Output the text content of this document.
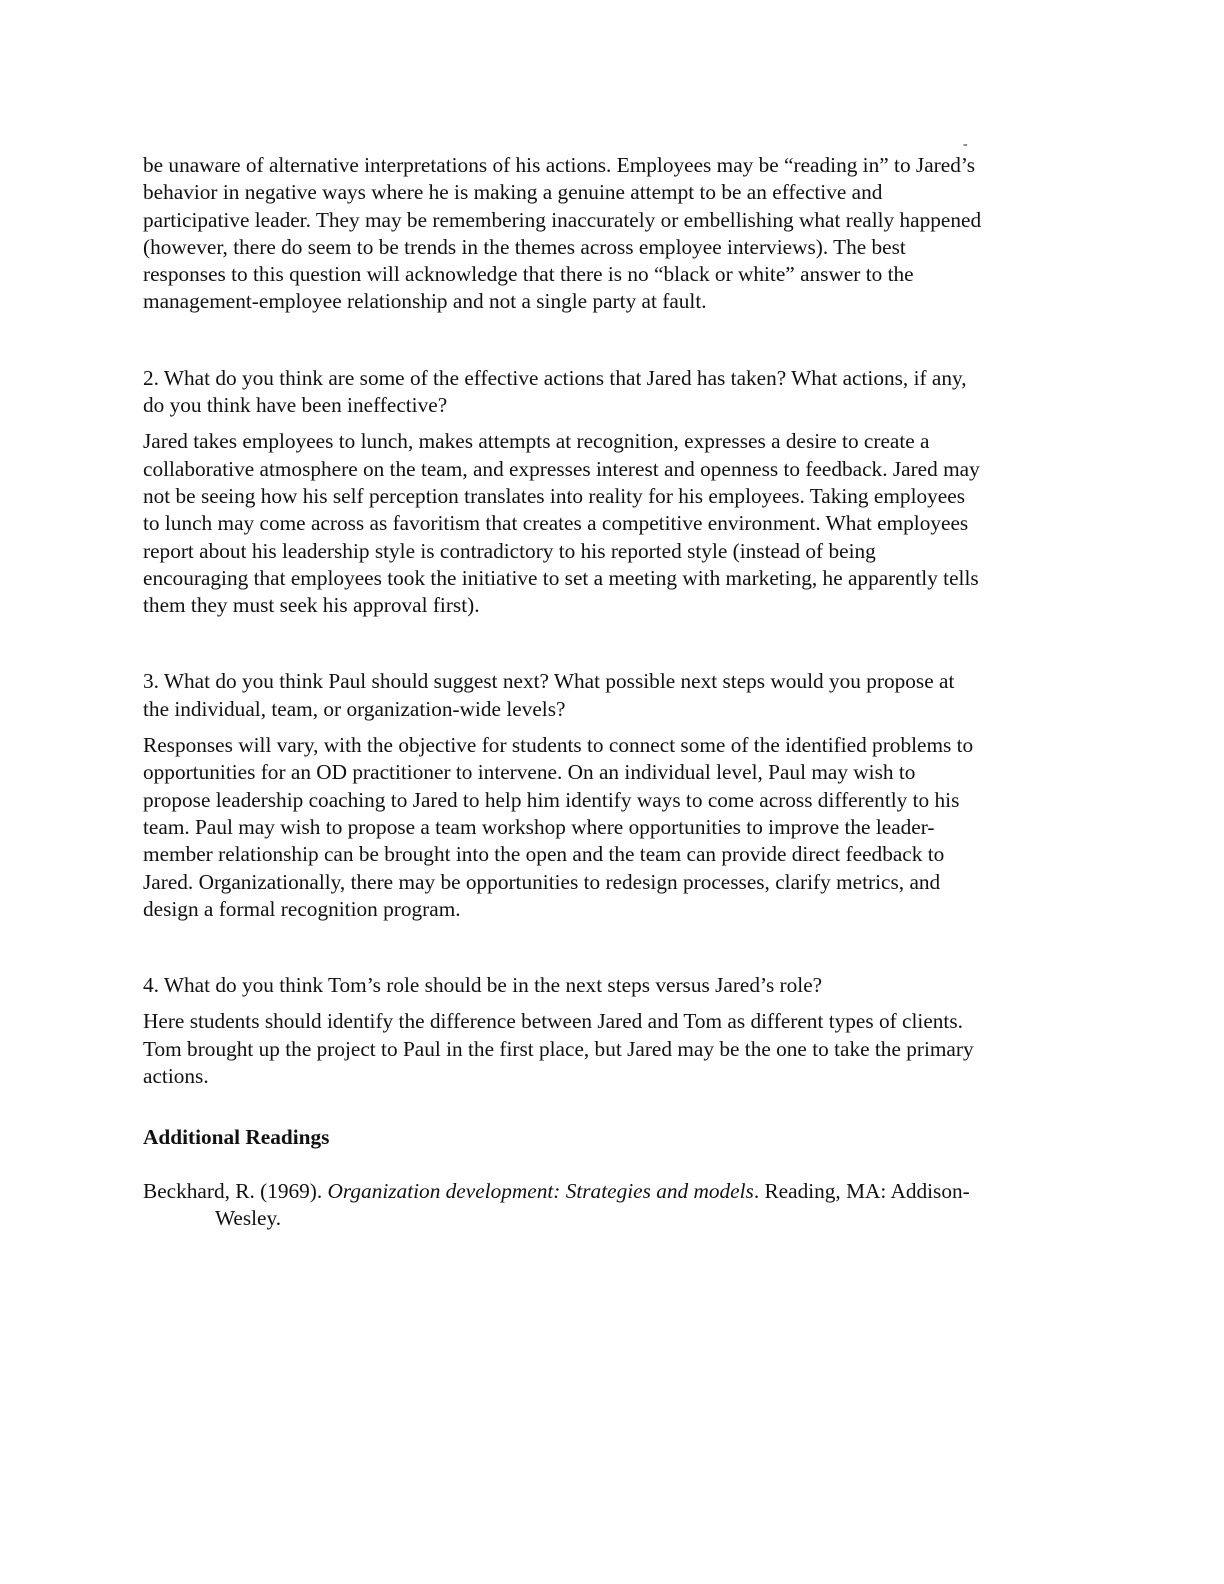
-

be unaware of alternative interpretations of his actions. Employees may be “reading in” to Jared’s behavior in negative ways where he is making a genuine attempt to be an effective and participative leader. They may be remembering inaccurately or embellishing what really happened (however, there do seem to be trends in the themes across employee interviews). The best responses to this question will acknowledge that there is no “black or white” answer to the management-employee relationship and not a single party at fault.

2. What do you think are some of the effective actions that Jared has taken? What actions, if any, do you think have been ineffective?

Jared takes employees to lunch, makes attempts at recognition, expresses a desire to create a collaborative atmosphere on the team, and expresses interest and openness to feedback. Jared may not be seeing how his self perception translates into reality for his employees. Taking employees to lunch may come across as favoritism that creates a competitive environment. What employees report about his leadership style is contradictory to his reported style (instead of being encouraging that employees took the initiative to set a meeting with marketing, he apparently tells them they must seek his approval first).

3. What do you think Paul should suggest next? What possible next steps would you propose at the individual, team, or organization-wide levels?

Responses will vary, with the objective for students to connect some of the identified problems to opportunities for an OD practitioner to intervene. On an individual level, Paul may wish to propose leadership coaching to Jared to help him identify ways to come across differently to his team. Paul may wish to propose a team workshop where opportunities to improve the leader-member relationship can be brought into the open and the team can provide direct feedback to Jared. Organizationally, there may be opportunities to redesign processes, clarify metrics, and design a formal recognition program.

4. What do you think Tom’s role should be in the next steps versus Jared’s role?

Here students should identify the difference between Jared and Tom as different types of clients. Tom brought up the project to Paul in the first place, but Jared may be the one to take the primary actions.

Additional Readings

Beckhard, R. (1969). Organization development: Strategies and models. Reading, MA: Addison-Wesley.
